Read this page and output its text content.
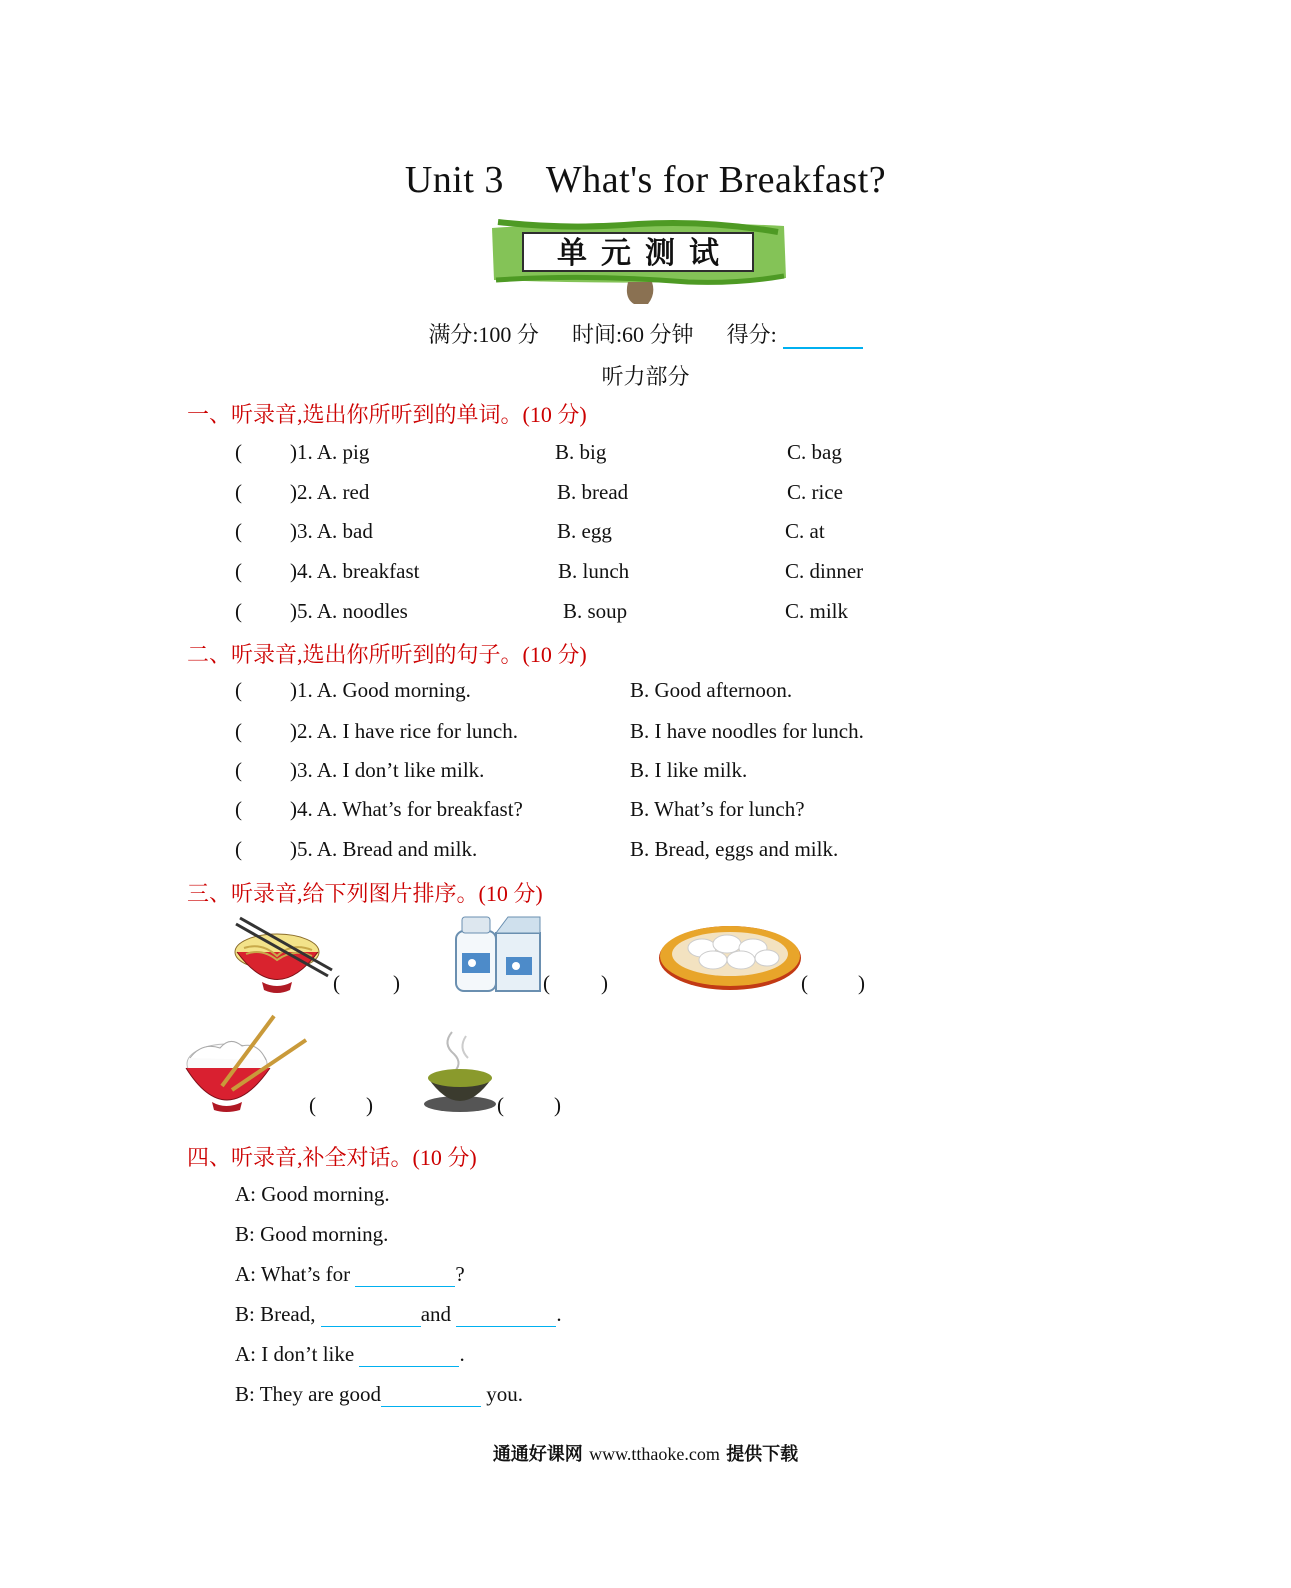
Unit 3 What's for Breakfast?
单元测试
满分:100 分 时间:60 分钟 得分:
听力部分
一、听录音,选出你所听到的单词。(10 分)
( )1. A. pig	B. big	C. bag
( )2. A. red	B. bread	C. rice
( )3. A. bad	B. egg	C. at
( )4. A. breakfast	B. lunch	C. dinner
( )5. A. noodles	B. soup	C. milk
二、听录音,选出你所听到的句子。(10 分)
( )1. A. Good morning.	B. Good afternoon.
( )2. A. I have rice for lunch.	B. I have noodles for lunch.
( )3. A. I don’t like milk.	B. I like milk.
( )4. A. What’s for breakfast?	B. What’s for lunch?
( )5. A. Bread and milk.	B. Bread, eggs and milk.
三、听录音,给下列图片排序。(10 分)
(	)	( )	( )
( )	( )
四、听录音,补全对话。(10 分)
A: Good morning.
B: Good morning.
A: What’s for	?
B: Bread,	and	.
A: I don’t like	.
B: They are good	you.
通通好课网 www.tthaoke.com 提供下载
